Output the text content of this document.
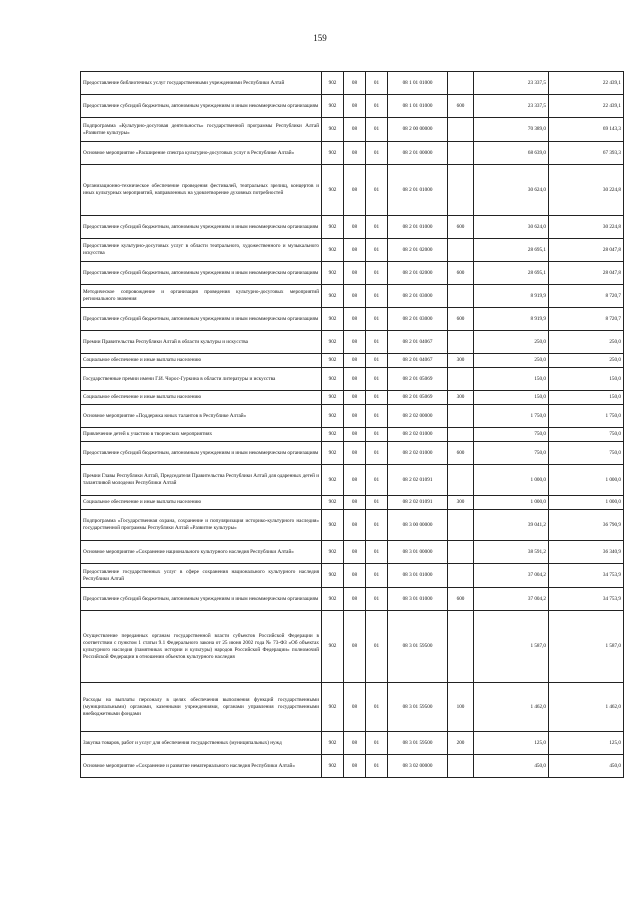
159
Предоставление библиотечных услуг государственными учреждениями Республики Алтай	902	08	01	08 1 01 01000		23 337,5	22 439,1
Предоставление субсидий бюджетным, автономным учреждениям и иным некоммерческим организациям	902	08	01	08 1 01 01000	600	23 337,5	22 439,1
Подпрограмма «Культурно-досуговая деятельность» государственной программы Республики Алтай «Развитие культуры»	902	08	01	08 2 00 00000		70 389,0	69 143,3
Основное мероприятие «Расширение спектра культурно-досуговых услуг в Республике Алтай»	902	08	01	08 2 01 00000		68 639,0	67 393,3
Организационно-техническое обеспечение проведения фестивалей, театральных зрелищ, концертов и иных культурных мероприятий, направленных на удовлетворение духовных потребностей	902	08	01	08 2 01 01000		30 624,0	30 224,8
Предоставление субсидий бюджетным, автономным учреждениям и иным некоммерческим организациям	902	08	01	08 2 01 01000	600	30 624,0	30 224,8
Предоставление культурно-досуговых услуг в области театрального, художественного и музыкального искусства	902	08	01	08 2 01 02000		28 695,1	28 047,8
Предоставление субсидий бюджетным, автономным учреждениям и иным некоммерческим организациям	902	08	01	08 2 01 02000	600	28 695,1	28 047,8
Методическое сопровождение и организация проведения культурно-досуговых мероприятий регионального значения	902	08	01	08 2 01 03000		8 919,9	8 720,7
Предоставление субсидий бюджетным, автономным учреждениям и иным некоммерческим организациям	902	08	01	08 2 01 03000	600	8 919,9	8 720,7
Премии Правительства Республики Алтай в области культуры и искусства	902	08	01	08 2 01 04067		250,0	250,0
Социальное обеспечение и иные выплаты населению	902	08	01	08 2 01 04067	300	250,0	250,0
Государственные премии имени Г.И. Чорос-Гуркина в области литературы и искусства	902	08	01	08 2 01 05069		150,0	150,0
Социальное обеспечение и иные выплаты населению	902	08	01	08 2 01 05069	300	150,0	150,0
Основное мероприятие «Поддержка юных талантов в Республике Алтай»	902	08	01	08 2 02 00000		1 750,0	1 750,0
Привлечение детей к участию в творческих мероприятиях	902	08	01	08 2 02 01000		750,0	750,0
Предоставление субсидий бюджетным, автономным учреждениям и иным некоммерческим организациям	902	08	01	08 2 02 01000	600	750,0	750,0
Премии Главы Республики Алтай, Председателя Правительства Республики Алтай для одаренных детей и талантливой молодежи Республики Алтай	902	08	01	08 2 02 01091		1 000,0	1 000,0
Социальное обеспечение и иные выплаты населению	902	08	01	08 2 02 01091	300	1 000,0	1 000,0
Подпрограмма «Государственная охрана, сохранение и популяризация историко-культурного наследия» государственной программы Республики Алтай «Развитие культуры»	902	08	01	08 3 00 00000		39 041,2	36 790,9
Основное мероприятие «Сохранение национального культурного наследия Республики Алтай»	902	08	01	08 3 01 00000		38 591,2	36 340,9
Предоставление государственных услуг в сфере сохранения национального культурного наследия Республики Алтай	902	08	01	08 3 01 01000		37 004,2	34 753,9
Предоставление субсидий бюджетным, автономным учреждениям и иным некоммерческим организациям	902	08	01	08 3 01 01000	600	37 004,2	34 753,9
Осуществление переданных органам государственной власти субъектов Российской Федерации в соответствии с пунктом 1 статьи 9.1 Федерального закона от 25 июня 2002 года № 73-ФЗ «Об объектах культурного наследия (памятниках истории и культуры) народов Российской Федерации» полномочий Российской Федерации в отношении объектов культурного наследия	902	08	01	08 3 01 59500		1 587,0	1 587,0
Расходы на выплаты персоналу в целях обеспечения выполнения функций государственными (муниципальными) органами, казенными учреждениями, органами управления государственными внебюджетными фондами	902	08	01	08 3 01 59500	100	1 462,0	1 462,0
Закупка товаров, работ и услуг для обеспечения государственных (муниципальных) нужд	902	08	01	08 3 01 59500	200	125,0	125,0
Основное мероприятие «Сохранение и развитие нематериального наследия Республики Алтай»	902	08	01	08 3 02 00000		450,0	450,0
